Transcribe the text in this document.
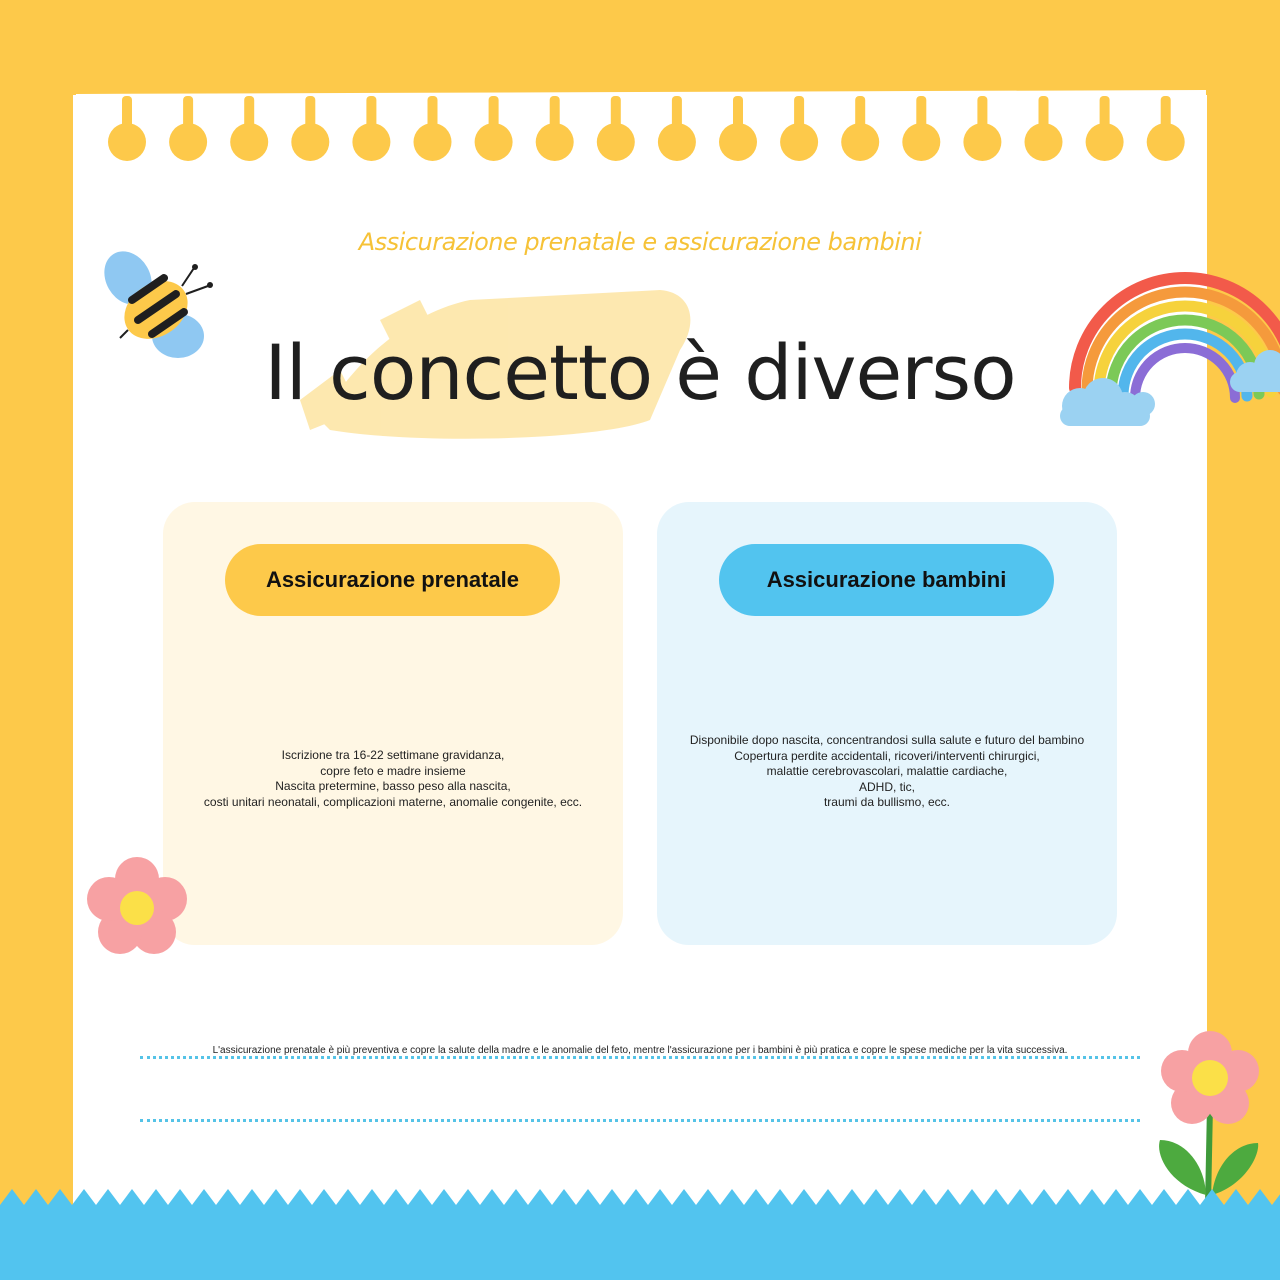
Assicurazione prenatale e assicurazione bambini
Il concetto è diverso
Assicurazione prenatale
Iscrizione tra 16-22 settimane gravidanza,
copre feto e madre insieme
Nascita pretermine, basso peso alla nascita,
costi unitari neonatali, complicazioni materne, anomalie congenite, ecc.
Assicurazione bambini
Disponibile dopo nascita, concentrandosi sulla salute e futuro del bambino
Copertura perdite accidentali, ricoveri/interventi chirurgici,
malattie cerebrovascolari, malattie cardiache,
ADHD, tic,
traumi da bullismo, ecc.
L'assicurazione prenatale è più preventiva e copre la salute della madre e le anomalie del feto, mentre l'assicurazione per i bambini è più pratica e copre le spese mediche per la vita successiva.
